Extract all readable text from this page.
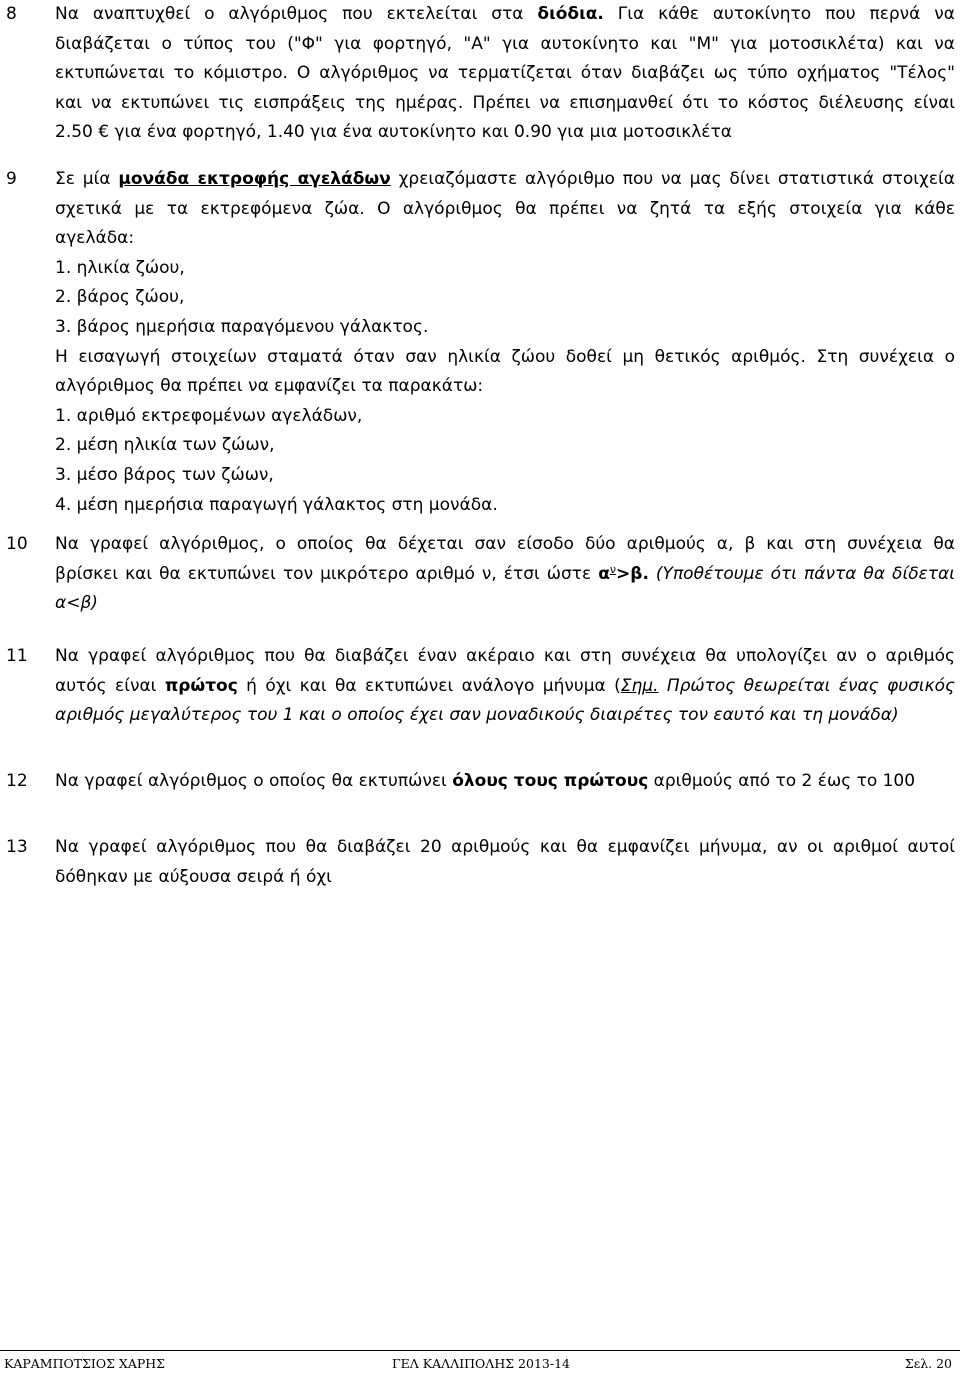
8 Να αναπτυχθεί ο αλγόριθμος που εκτελείται στα διόδια. Για κάθε αυτοκίνητο που περνά να
διαβάζεται ο τύπος του ("Φ" για φορτηγό, "Α" για αυτοκίνητο και "Μ" για μοτοσικλέτα) και να
εκτυπώνεται το κόμιστρο. Ο αλγόριθμος να τερματίζεται όταν διαβάζει ως τύπο οχήματος "Τέλος"
και να εκτυπώνει τις εισπράξεις της ημέρας. Πρέπει να επισημανθεί ότι το κόστος διέλευσης είναι
2.50 € για ένα φορτηγό, 1.40 για ένα αυτοκίνητο και 0.90 για μια μοτοσικλέτα
9 Σε μία μονάδα εκτροφής αγελάδων χρειαζόμαστε αλγόριθμο που να μας δίνει στατιστικά στοιχεία
σχετικά με τα εκτρεφόμενα ζώα. Ο αλγόριθμος θα πρέπει να ζητά τα εξής στοιχεία για κάθε
αγελάδα:
1. ηλικία ζώου,
2. βάρος ζώου,
3. βάρος ημερήσια παραγόμενου γάλακτος.
Η εισαγωγή στοιχείων σταματά όταν σαν ηλικία ζώου δοθεί μη θετικός αριθμός. Στη συνέχεια ο
αλγόριθμος θα πρέπει να εμφανίζει τα παρακάτω:
1. αριθμό εκτρεφομένων αγελάδων,
2. μέση ηλικία των ζώων,
3. μέσο βάρος των ζώων,
4. μέση ημερήσια παραγωγή γάλακτος στη μονάδα.
10 Να γραφεί αλγόριθμος, ο οποίος θα δέχεται σαν είσοδο δύο αριθμούς α, β και στη συνέχεια θα
βρίσκει και θα εκτυπώνει τον μικρότερο αριθμό ν, έτσι ώστε $\alpha^\nu>\beta$. (Υποθέτουμε ότι πάντα θα δίδεται
α<β)
11 Να γραφεί αλγόριθμος που θα διαβάζει έναν ακέραιο και στη συνέχεια θα υπολογίζει αν ο αριθμός
αυτός είναι πρώτος ή όχι και θα εκτυπώνει ανάλογο μήνυμα (Σημ. Πρώτος θεωρείται ένας φυσικός
αριθμός μεγαλύτερος του 1 και ο οποίος έχει σαν μοναδικούς διαιρέτες τον εαυτό και τη μονάδα)
12 Να γραφεί αλγόριθμος ο οποίος θα εκτυπώνει όλους τους πρώτους αριθμούς από το 2 έως το 100
13 Να γραφεί αλγόριθμος που θα διαβάζει 20 αριθμούς και θα εμφανίζει μήνυμα, αν οι αριθμοί αυτοί
δόθηκαν με αύξουσα σειρά ή όχι
ΚΑΡΑΜΠΟΤΣΙΟΣ ΧΑΡΗΣ	ΓΕΛ ΚΑΛΛΙΠΟΛΗΣ 2013-14	Σελ. 20
